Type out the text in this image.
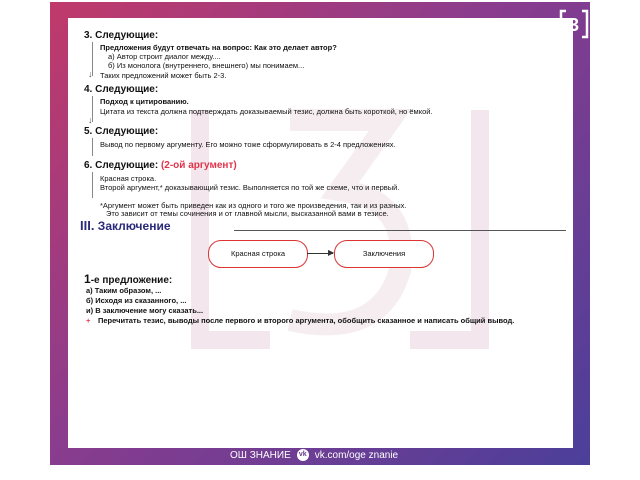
3
3. Следующие:
↓
Предложения будут отвечать на вопрос: Как это делает автор?
а) Автор строит диалог между....
б) Из монолога (внутреннего, внешнего) мы понимаем...
Таких предложений может быть 2-3.
4. Следующие:
↓
Подход к цитированию.
Цитата из текста должна подтверждать доказываемый тезис, должна быть короткой, но ёмкой.
5. Следующие:
Вывод по первому аргументу. Его можно тоже сформулировать в 2-4 предложениях.
6. Следующие: (2-ой аргумент)
Красная строка.
Второй аргумент,* доказывающий тезис. Выполняется по той же схеме, что и первый.
*Аргумент может быть приведен как из одного и того же произведения, так и из разных.
Это зависит от темы сочинения и от главной мысли, высказанной вами в тезисе.
III. Заключение
Красная строка	▶	Заключения
1-е предложение:
а) Таким образом, ...
б) Исходя из сказанного, ...
и) В заключение могу сказать...
+ Перечитать тезис, выводы после первого и второго аргумента, обобщить сказанное и написать общий вывод.
ОШ ЗНАНИЕ vk vk.com/oge znanie
